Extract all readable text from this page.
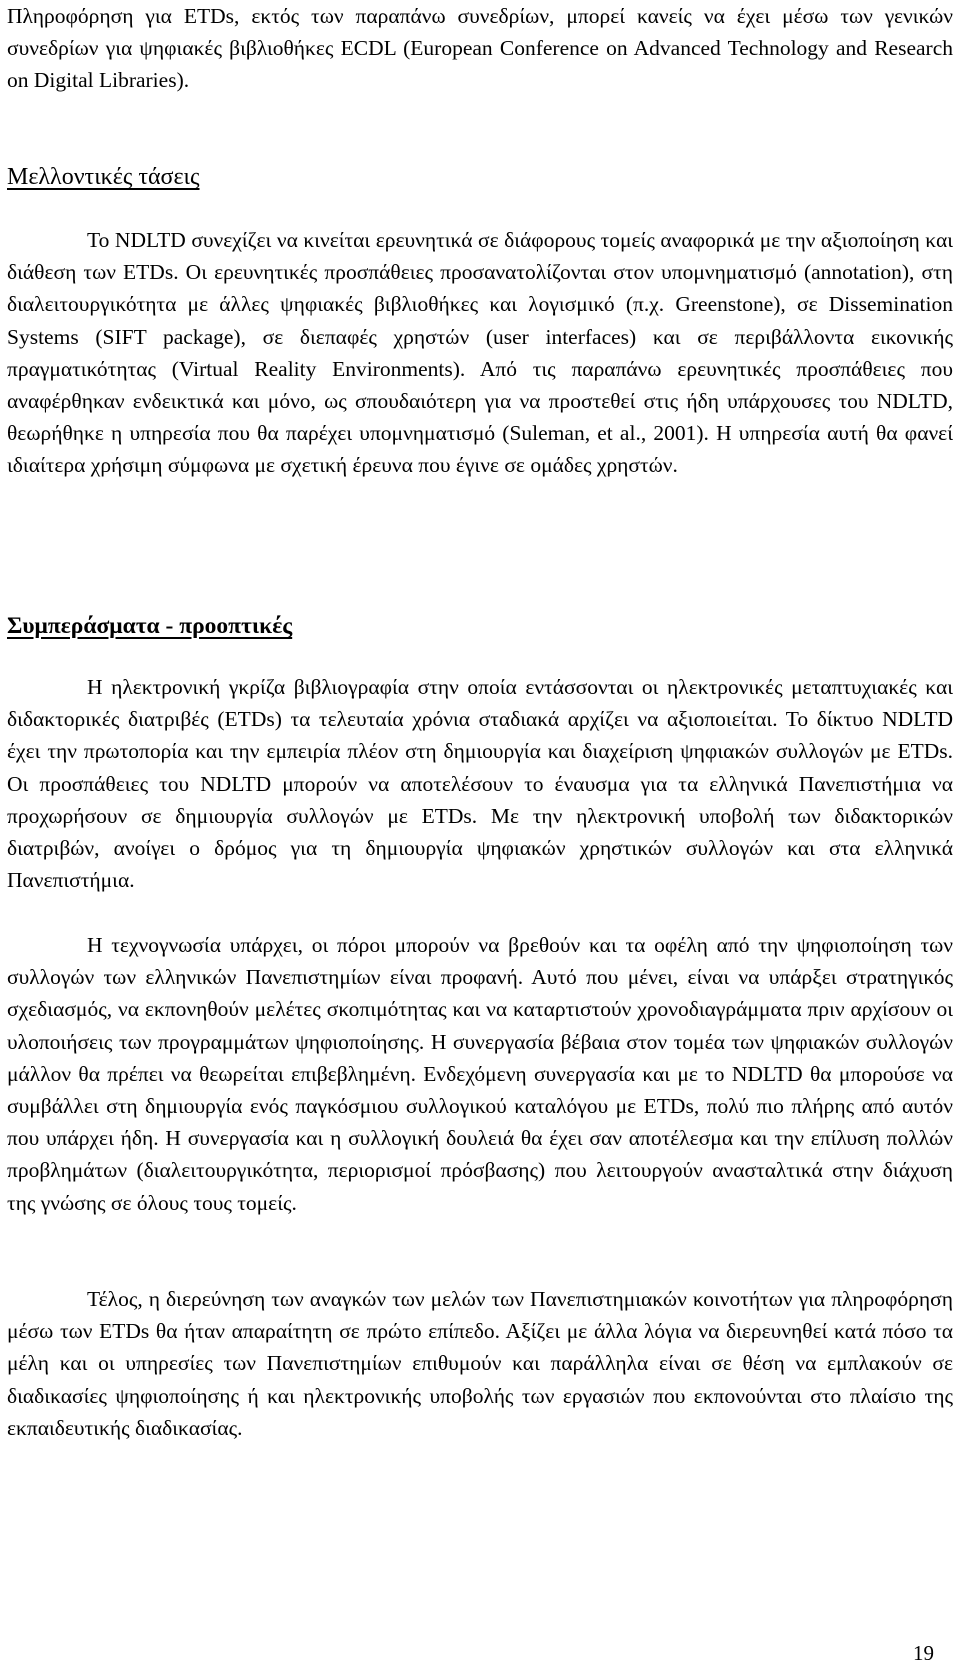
Πληροφόρηση για ETDs, εκτός των παραπάνω συνεδρίων, μπορεί κανείς να έχει μέσω των γενικών συνεδρίων για ψηφιακές βιβλιοθήκες ECDL (European Conference on Advanced Technology and Research on Digital Libraries).

Μελλοντικές τάσεις

Το NDLTD συνεχίζει να κινείται ερευνητικά σε διάφορους τομείς αναφορικά με την αξιοποίηση και διάθεση των ETDs. Οι ερευνητικές προσπάθειες προσανατολίζονται στον υπομνηματισμό (annotation), στη διαλειτουργικότητα με άλλες ψηφιακές βιβλιοθήκες και λογισμικό (π.χ. Greenstone), σε Dissemination Systems (SIFT package), σε διεπαφές χρηστών (user interfaces) και σε περιβάλλοντα εικονικής πραγματικότητας (Virtual Reality Environments). Από τις παραπάνω ερευνητικές προσπάθειες που αναφέρθηκαν ενδεικτικά και μόνο, ως σπουδαιότερη για να προστεθεί στις ήδη υπάρχουσες του NDLTD, θεωρήθηκε η υπηρεσία που θα παρέχει υπομνηματισμό (Suleman, et al., 2001). Η υπηρεσία αυτή θα φανεί ιδιαίτερα χρήσιμη σύμφωνα με σχετική έρευνα που έγινε σε ομάδες χρηστών.

Συμπεράσματα - προοπτικές

Η ηλεκτρονική γκρίζα βιβλιογραφία στην οποία εντάσσονται οι ηλεκτρονικές μεταπτυχιακές και διδακτορικές διατριβές (ETDs) τα τελευταία χρόνια σταδιακά αρχίζει να αξιοποιείται. Το δίκτυο NDLTD έχει την πρωτοπορία και την εμπειρία πλέον στη δημιουργία και διαχείριση ψηφιακών συλλογών με ETDs. Οι προσπάθειες του NDLTD μπορούν να αποτελέσουν το έναυσμα για τα ελληνικά Πανεπιστήμια να προχωρήσουν σε δημιουργία συλλογών με ETDs. Με την ηλεκτρονική υποβολή των διδακτορικών διατριβών, ανοίγει ο δρόμος για τη δημιουργία ψηφιακών χρηστικών συλλογών και στα ελληνικά Πανεπιστήμια.

Η τεχνογνωσία υπάρχει, οι πόροι μπορούν να βρεθούν και τα οφέλη από την ψηφιοποίηση των συλλογών των ελληνικών Πανεπιστημίων είναι προφανή. Αυτό που μένει, είναι να υπάρξει στρατηγικός σχεδιασμός, να εκπονηθούν μελέτες σκοπιμότητας και να καταρτιστούν χρονοδιαγράμματα πριν αρχίσουν οι υλοποιήσεις των προγραμμάτων ψηφιοποίησης. Η συνεργασία βέβαια στον τομέα των ψηφιακών συλλογών μάλλον θα πρέπει να θεωρείται επιβεβλημένη. Ενδεχόμενη συνεργασία και με το NDLTD θα μπορούσε να συμβάλλει στη δημιουργία ενός παγκόσμιου συλλογικού καταλόγου με ETDs, πολύ πιο πλήρης από αυτόν που υπάρχει ήδη. Η συνεργασία και η συλλογική δουλειά θα έχει σαν αποτέλεσμα και την επίλυση πολλών προβλημάτων (διαλειτουργικότητα, περιορισμοί πρόσβασης) που λειτουργούν ανασταλτικά στην διάχυση της γνώσης σε όλους τους τομείς.

Τέλος, η διερεύνηση των αναγκών των μελών των Πανεπιστημιακών κοινοτήτων για πληροφόρηση μέσω των ETDs θα ήταν απαραίτητη σε πρώτο επίπεδο. Αξίζει με άλλα λόγια να διερευνηθεί κατά πόσο τα μέλη και οι υπηρεσίες των Πανεπιστημίων επιθυμούν και παράλληλα είναι σε θέση να εμπλακούν σε διαδικασίες ψηφιοποίησης ή και ηλεκτρονικής υποβολής των εργασιών που εκπονούνται στο πλαίσιο της εκπαιδευτικής διαδικασίας.

19
